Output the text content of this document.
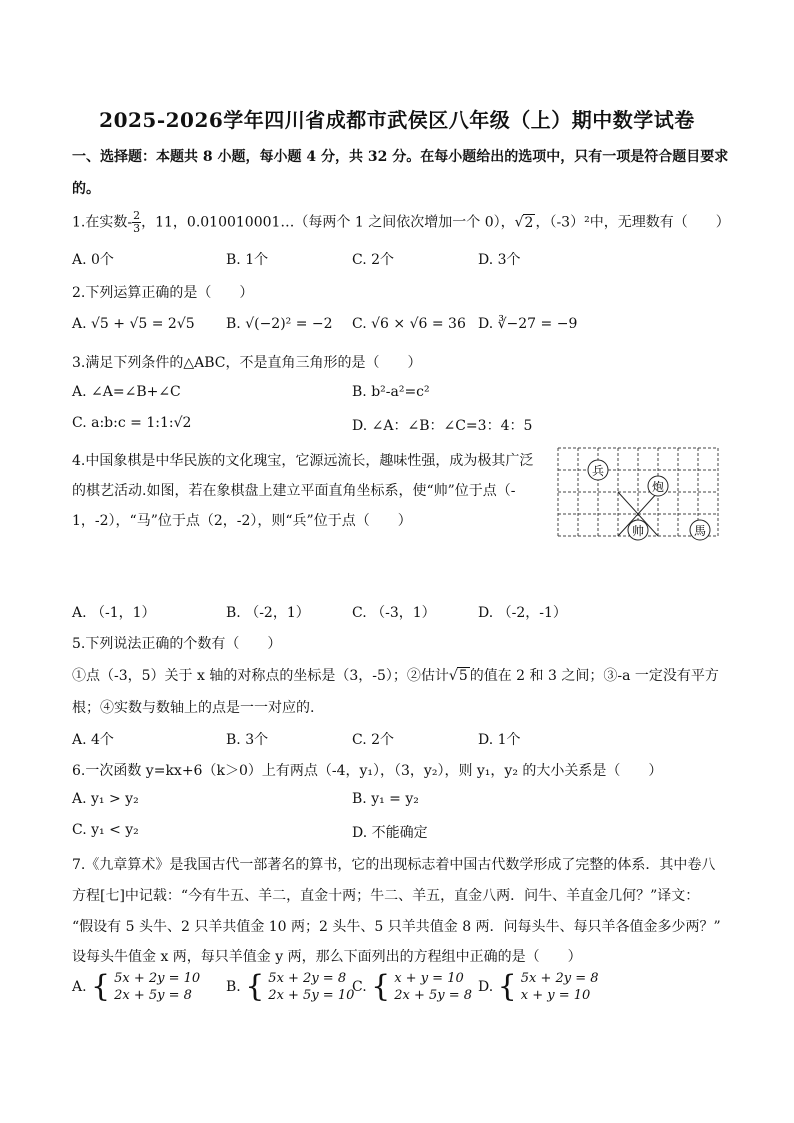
2025-2026学年四川省成都市武侯区八年级（上）期中数学试卷
一、选择题：本题共 8 小题，每小题 4 分，共 32 分。在每小题给出的选项中，只有一项是符合题目要求
的。
1.在实数- $\frac{2}{3}$ ，11，0.010010001…（每两个 1 之间依次增加一个 0），√2 ，（-3）²中，无理数有（　　）
A. 0个	B. 1个	C. 2个	D. 3个
2.下列运算正确的是（　　）
A. √5 + √5 = 2√5 B. √(−2)² = −2 C. √6 × √6 = 36 D. ∛−27 = −9
3.满足下列条件的△ABC，不是直角三角形的是（　　）
A. ∠A=∠B+∠C	B. b²-a²=c²
C. a:b:c = 1:1:√2	D. ∠A：∠B：∠C=3：4：5
4.中国象棋是中华民族的文化瑰宝，它源远流长，趣味性强，成为极其广泛
的棋艺活动.如图，若在象棋盘上建立平面直角坐标系，使“帅”位于点（-
1，-2），“马”位于点（2，-2），则“兵”位于点（　　）
兵
炮
帅	馬
A. （-1，1）	B. （-2，1）	C. （-3，1）	D. （-2，-1）
5.下列说法正确的个数有（　　）
①点（-3，5）关于 x 轴的对称点的坐标是（3，-5）；②估计√5 的值在 2 和 3 之间；③-a 一定没有平方
根；④实数与数轴上的点是一一对应的.
A. 4个	B. 3个	C. 2个	D. 1个
6.一次函数 y=kx+6（k＞0）上有两点（-4，y₁），（3，y₂），则 y₁，y₂ 的大小关系是（　　）
A. y₁ > y₂	B. y₁ = y₂
C. y₁ < y₂	D. 不能确定
7.《九章算术》是我国古代一部著名的算书，它的出现标志着中国古代数学形成了完整的体系．其中卷八
方程[七]中记载：“今有牛五、羊二，直金十两；牛二、羊五，直金八两．问牛、羊直金几何？”译文：
“假设有 5 头牛、2 只羊共值金 10 两；2 头牛、5 只羊共值金 8 两．问每头牛、每只羊各值金多少两？”
设每头牛值金 x 两，每只羊值金 y 两，那么下面列出的方程组中正确的是（　　）
A. { 5x + 2y = 10
2x + 5y = 8
B. { 5x + 2y = 8
2x + 5y = 10
C. { x + y = 10
2x + 5y = 8
D. { 5x + 2y = 8
x + y = 10
